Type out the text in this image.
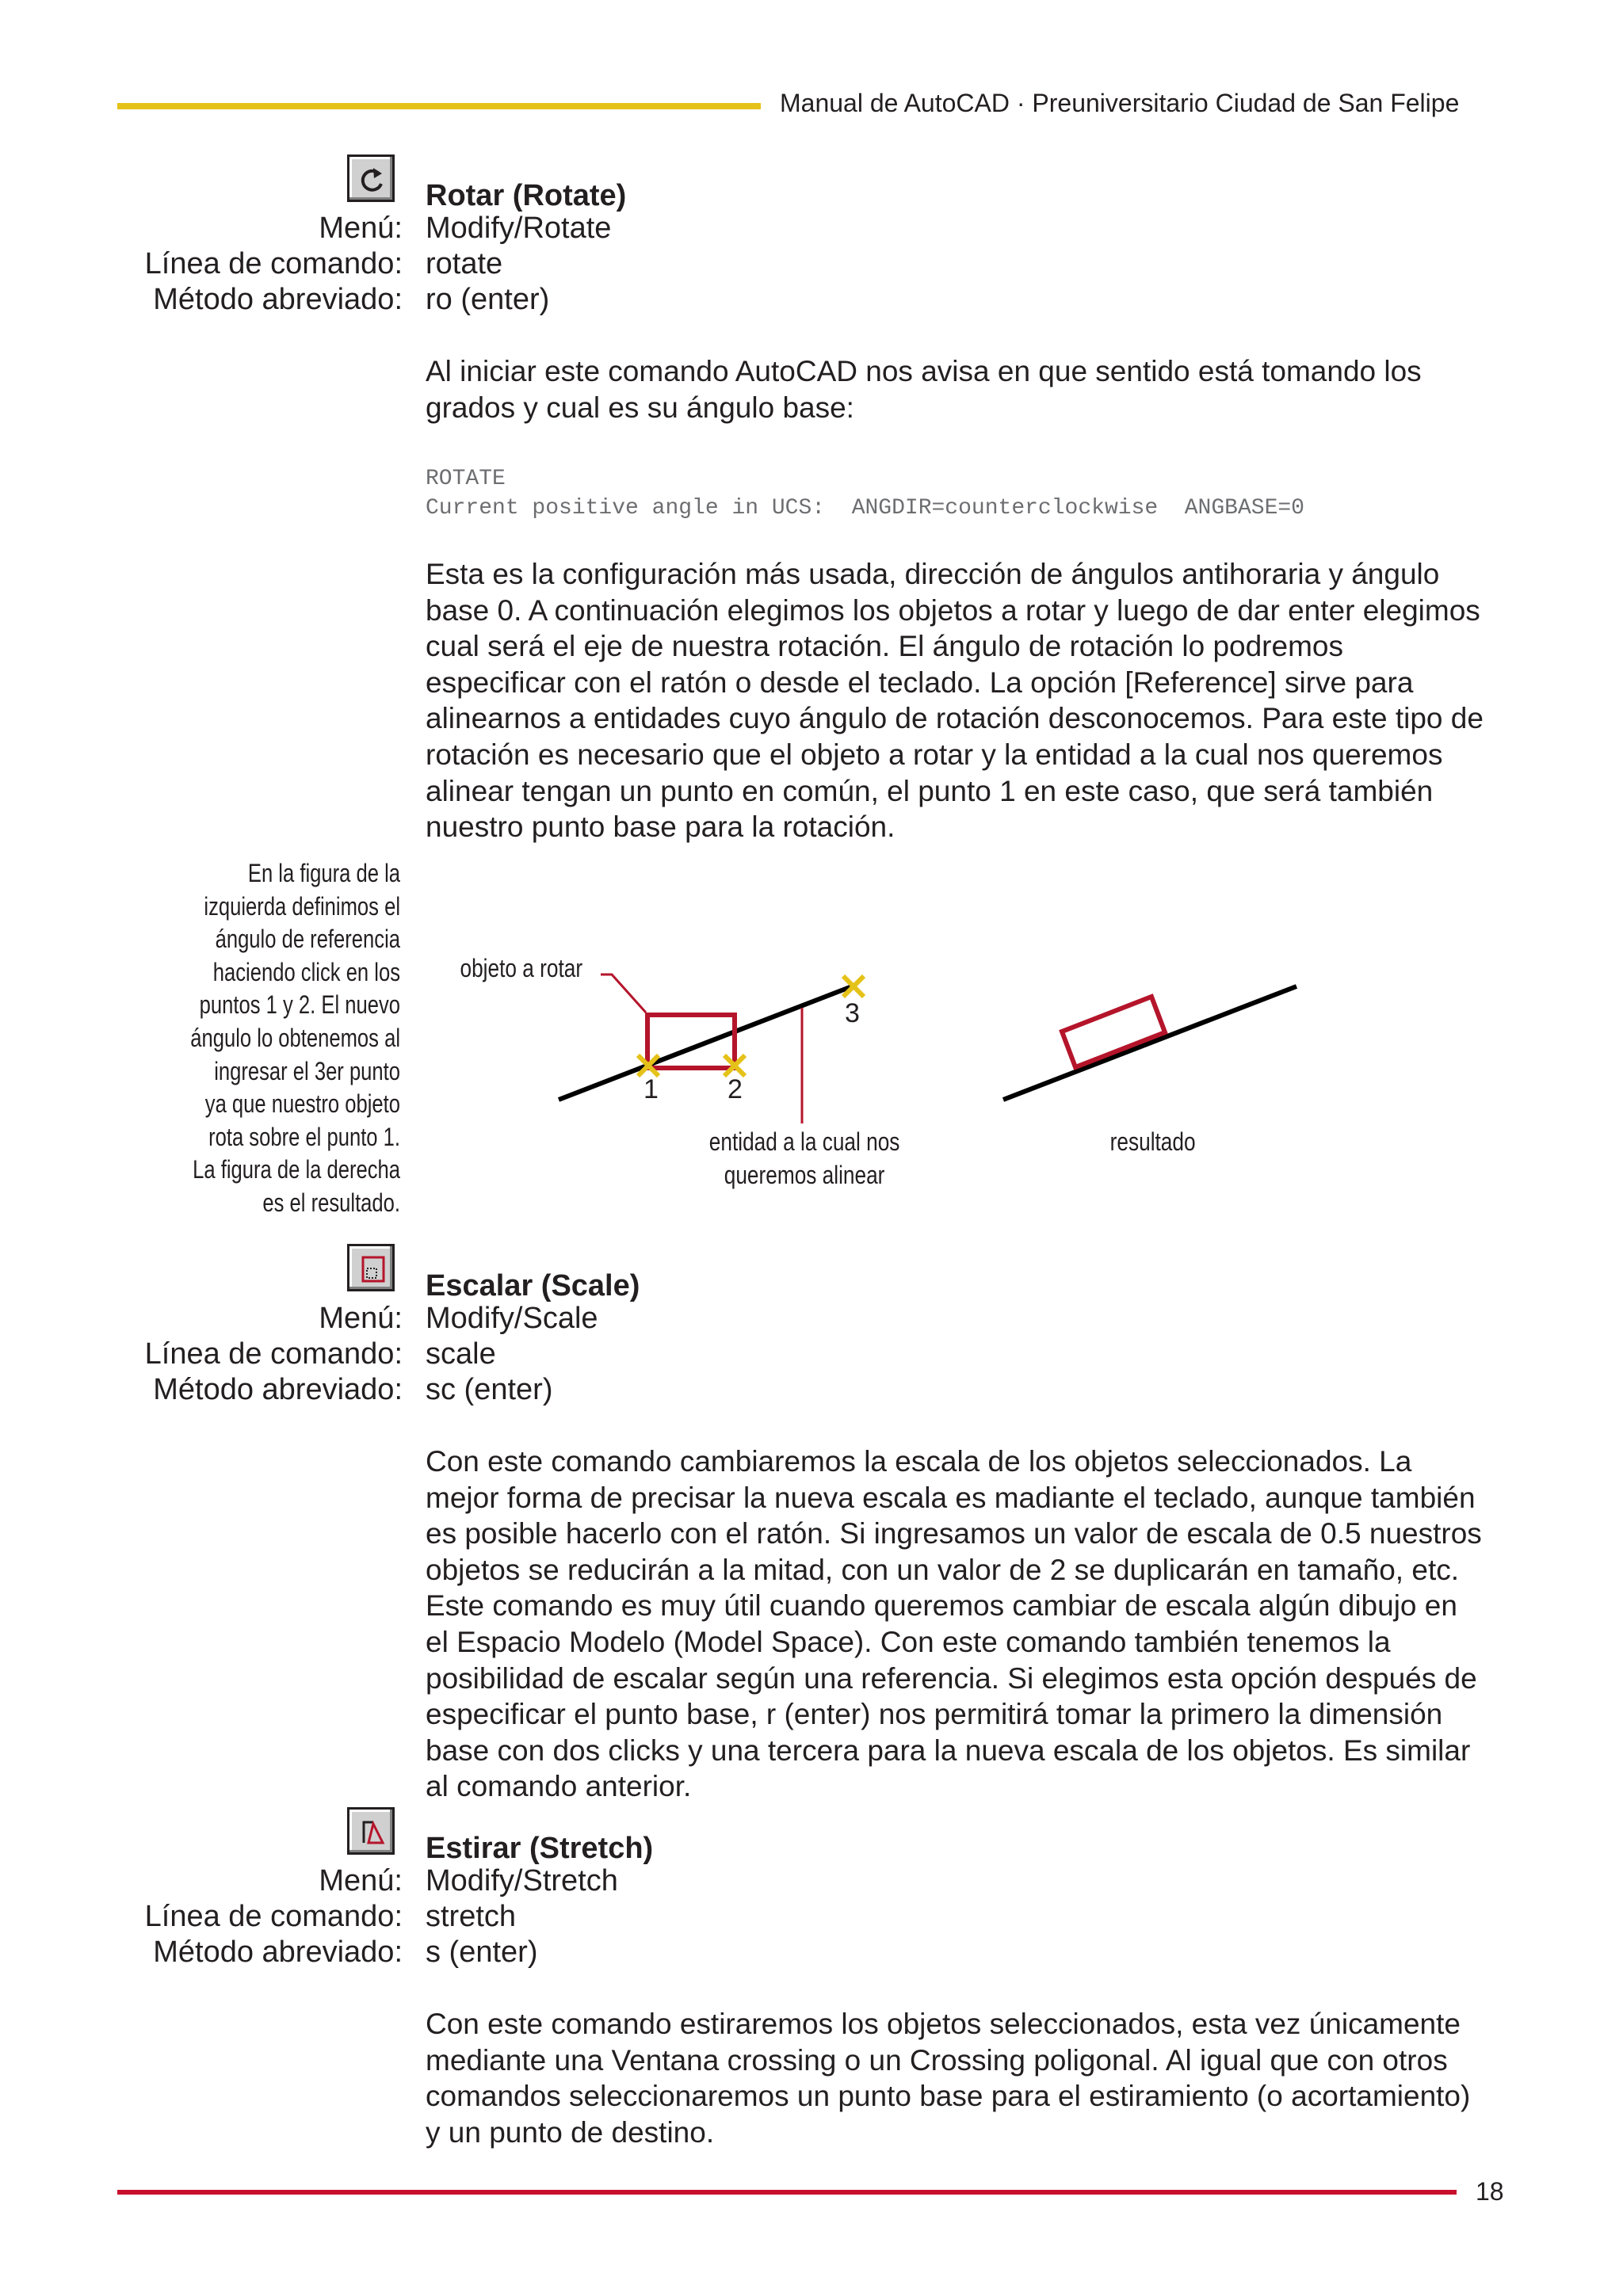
Manual de AutoCAD · Preuniversitario Ciudad de San Felipe
Rotar (Rotate)
Menú: Modify/Rotate
Línea de comando: rotate
Método abreviado: ro (enter)

Al iniciar este comando AutoCAD nos avisa en que sentido está tomando los grados y cual es su ángulo base:

ROTATE

Current positive angle in UCS:  ANGDIR=counterclockwise  ANGBASE=0

Esta es la configuración más usada, dirección de ángulos antihoraria y ángulo base 0. A continuación elegimos los objetos a rotar y luego de dar enter elegimos cual será el eje de nuestra rotación. El ángulo de rotación lo podremos especificar con el ratón o desde el teclado. La opción [Reference] sirve para alinearnos a entidades cuyo ángulo de rotación desconocemos. Para este tipo de rotación es necesario que el objeto a rotar y la entidad a la cual nos queremos alinear tengan un punto en común, el punto 1 en este caso, que será también nuestro punto base para la rotación.

En la figura de la izquierda definimos el ángulo de referencia haciendo click en los puntos 1 y 2. El nuevo ángulo lo obtenemos al ingresar el 3er punto ya que nuestro objeto rota sobre el punto 1. La figura de la derecha es el resultado.

objeto a rotar
1	2
3
entidad a la cual nos
queremos alinear
resultado
Escalar (Scale)
Menú: Modify/Scale
Línea de comando: scale
Método abreviado: sc (enter)

Con este comando cambiaremos la escala de los objetos seleccionados. La mejor forma de precisar la nueva escala es madiante el teclado, aunque también es posible hacerlo con el ratón. Si ingresamos un valor de escala de 0.5 nuestros objetos se reducirán a la mitad, con un valor de 2 se duplicarán en tamaño, etc. Este comando es muy útil cuando queremos cambiar de escala algún dibujo en el Espacio Modelo (Model Space). Con este comando también tenemos la posibilidad de escalar según una referencia. Si elegimos esta opción después de especificar el punto base, r (enter) nos permitirá tomar la primero la dimensión base con dos clicks y una tercera para la nueva escala de los objetos. Es similar al comando anterior.

Estirar (Stretch)
Menú: Modify/Stretch
Línea de comando: stretch
Método abreviado: s (enter)

Con este comando estiraremos los objetos seleccionados, esta vez únicamente mediante una Ventana crossing o un Crossing poligonal. Al igual que con otros comandos seleccionaremos un punto base para el estiramiento (o acortamiento) y un punto de destino.

18
